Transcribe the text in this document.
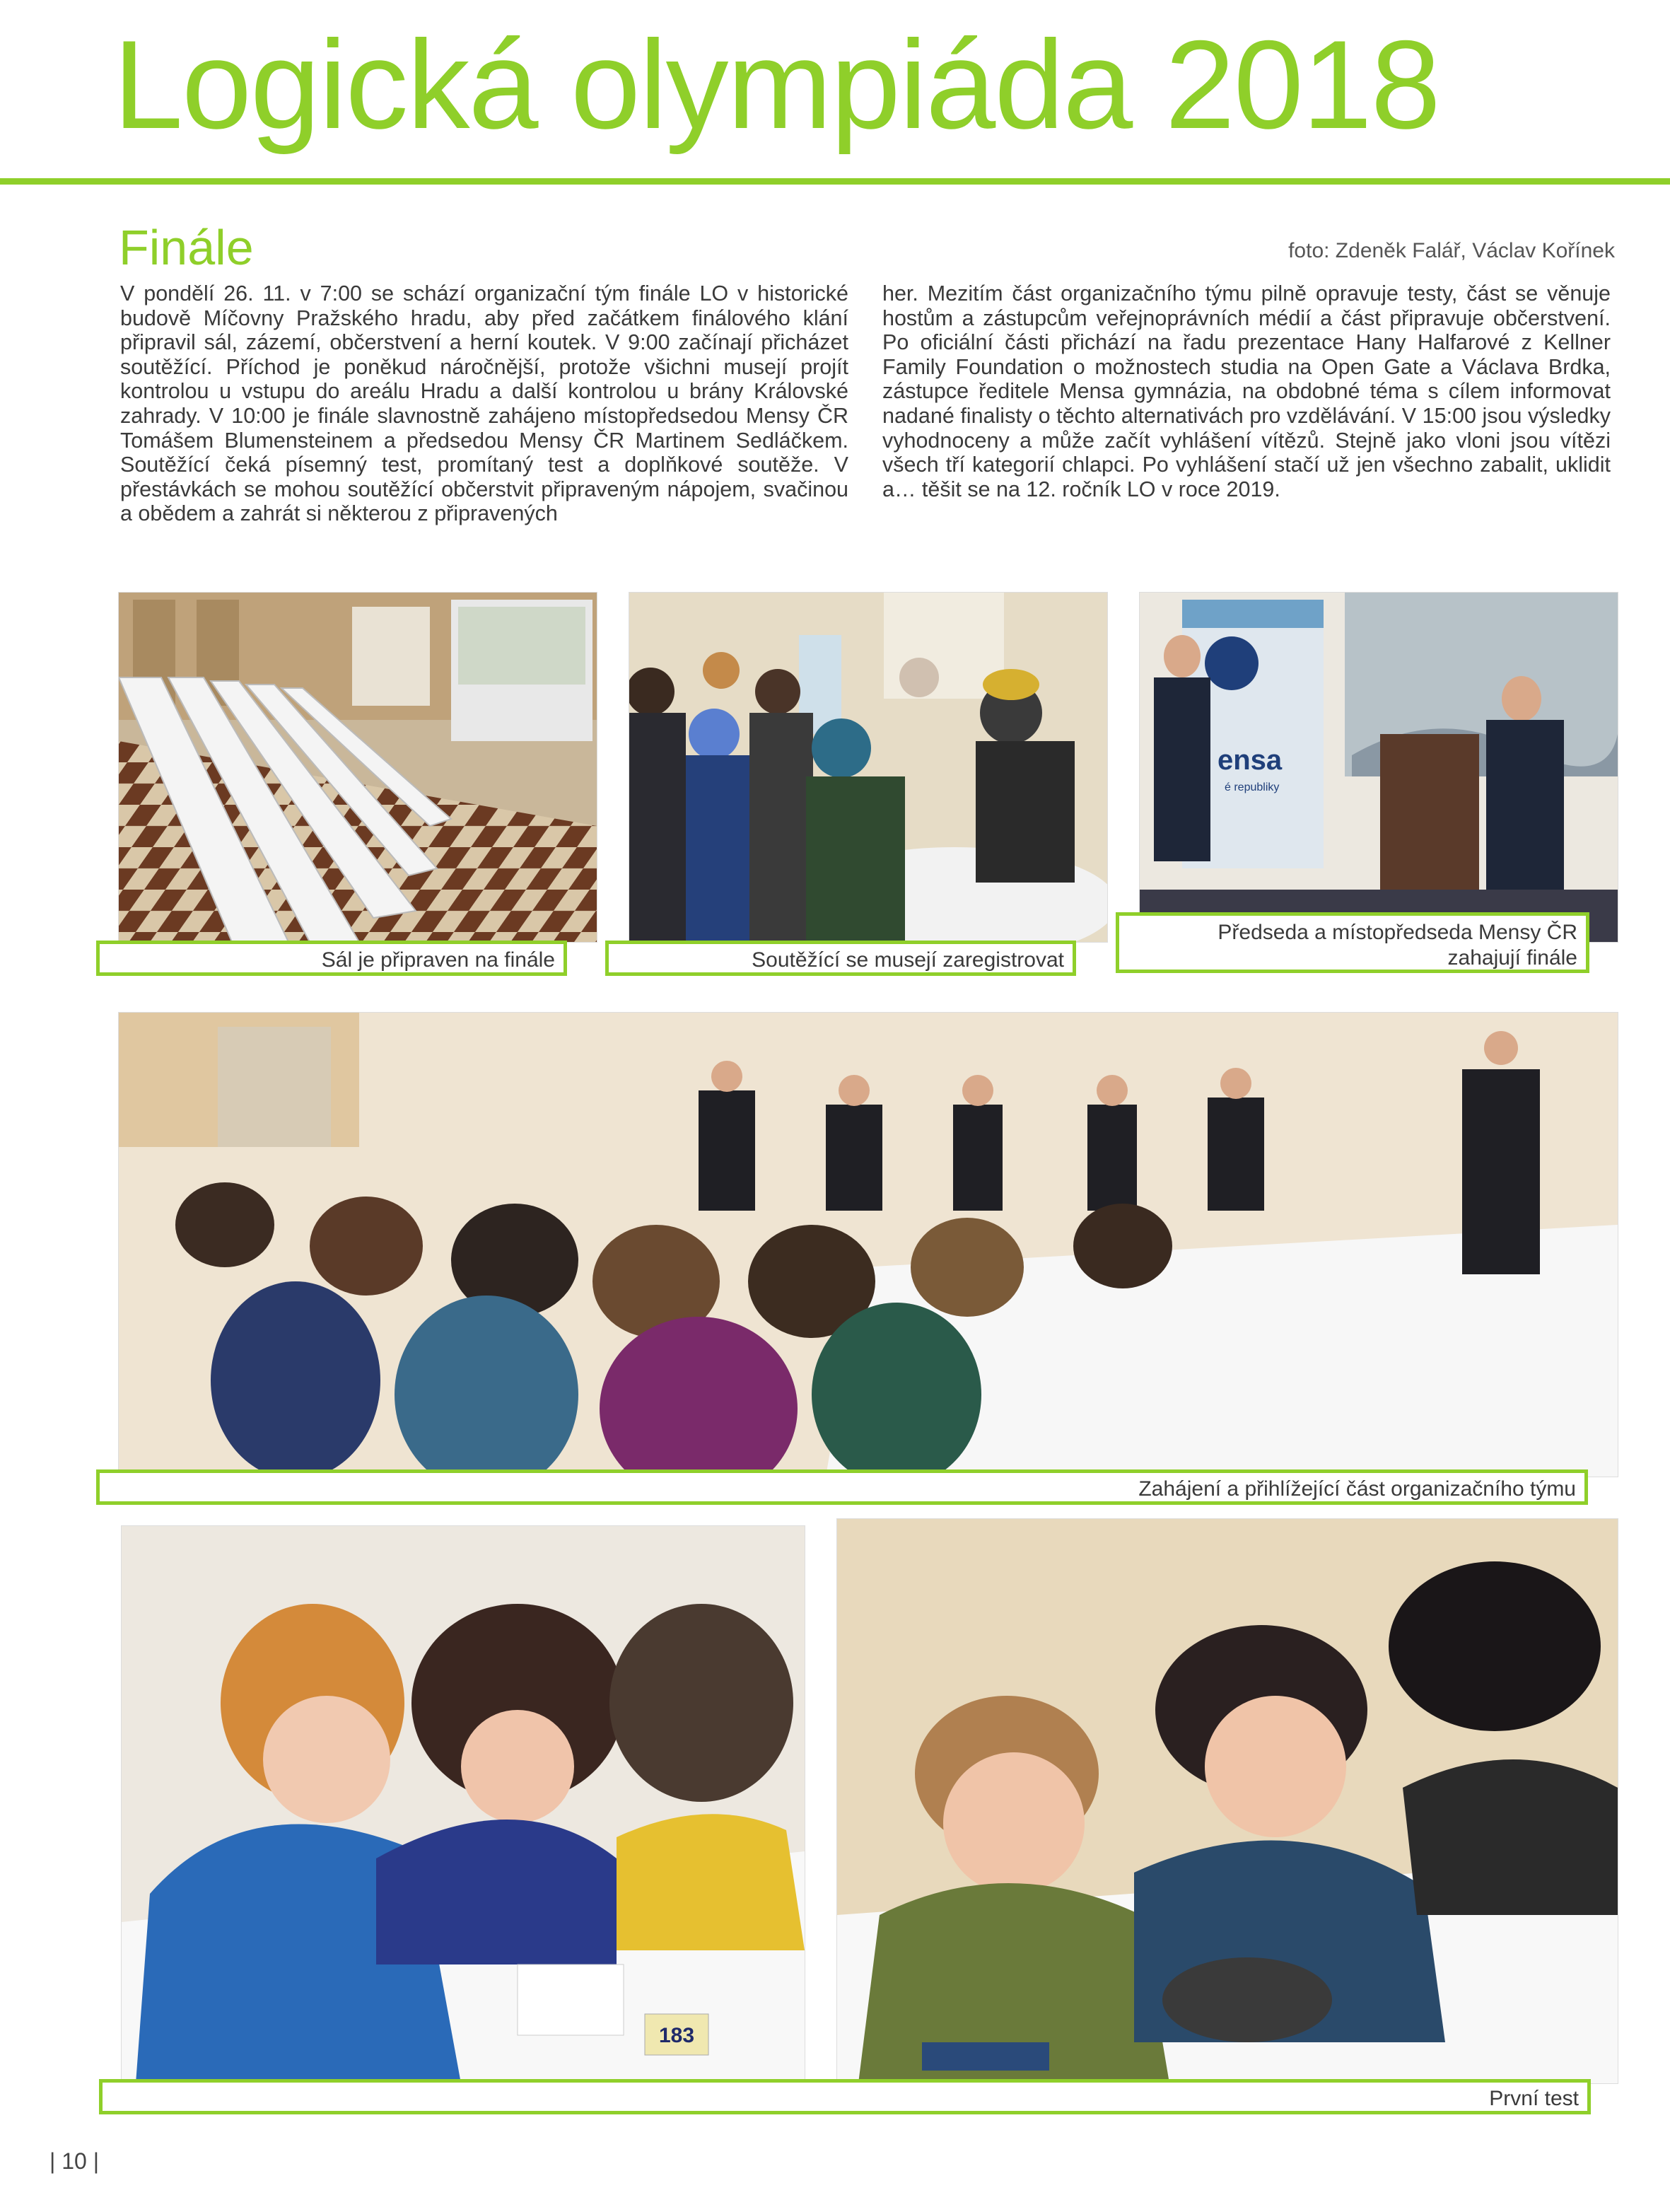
Logická olympiáda 2018
Finále	foto: Zdeněk Falář, Václav Kořínek
V pondělí 26. 11. v 7:00 se schází organizační tým finále LO v historické budově Míčovny Pražského hradu, aby před začátkem finálového klání připravil sál, zázemí, občerstvení a herní koutek. V 9:00 začínají přicházet soutěžící. Příchod je poněkud náročnější, protože všichni musejí projít kontrolou u vstupu do areálu Hradu a další kontrolou u brány Královské zahrady. V 10:00 je finále slavnostně zahájeno místopředsedou Mensy ČR Tomášem Blumensteinem a předsedou Mensy ČR Martinem Sedláčkem. Soutěžící čeká písemný test, promítaný test a doplňkové soutěže. V přestávkách se mohou soutěžící občerstvit připraveným nápojem, svačinou a obědem a zahrát si některou z připravených
her. Mezitím část organizačního týmu pilně opravuje testy, část se věnuje hostům a zástupcům veřejnoprávních médií a část připravuje občerstvení. Po oficiální části přichází na řadu prezentace Hany Halfarové z Kellner Family Foundation o možnostech studia na Open Gate a Václava Brdka, zástupce ředitele Mensa gymnázia, na obdobné téma s cílem informovat nadané finalisty o těchto alternativách pro vzdělávání. V 15:00 jsou výsledky vyhodnoceny a může začít vyhlášení vítězů. Stejně jako vloni jsou vítězi všech tří kategorií chlapci. Po vyhlášení stačí už jen všechno zabalit, uklidit a… těšit se na 12. ročník LO v roce 2019.
Sál je připraven na finále	Soutěžící se musejí zaregistrovat
ensa
é republiky
Předseda a místopředseda Mensy ČR
zahajují finále
Zahájení a přihlížející část organizačního týmu
183
První test
| 10 |
